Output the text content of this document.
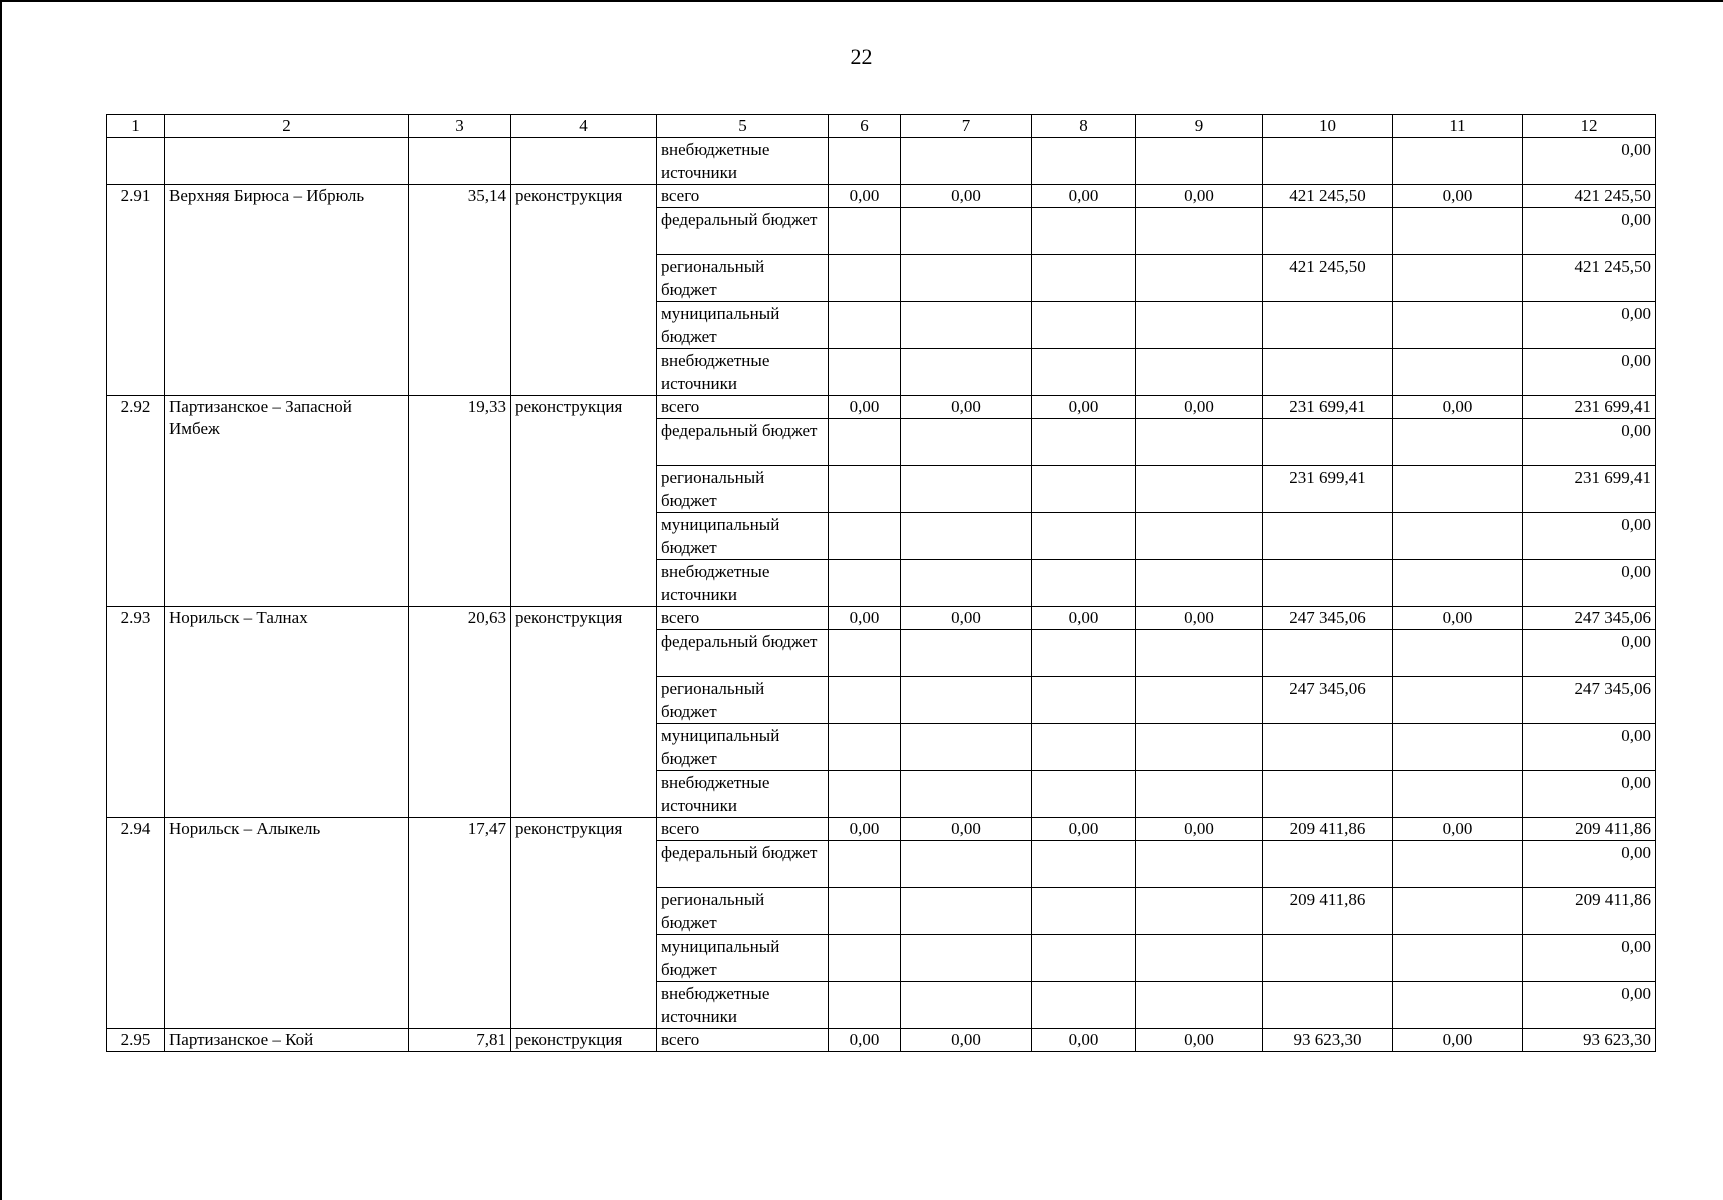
22
1	2	3	4	5	6	7	8	9	10	11	12
				внебюджетные источники							0,00
2.91	Верхняя Бирюса – Ибрюль	35,14	реконструкция	всего	0,00	0,00	0,00	0,00	421 245,50	0,00	421 245,50
				федеральный бюджет							0,00
				региональный бюджет					421 245,50		421 245,50
				муниципальный бюджет							0,00
				внебюджетные источники							0,00
2.92	Партизанское – Запасной Имбеж	19,33	реконструкция	всего	0,00	0,00	0,00	0,00	231 699,41	0,00	231 699,41
				федеральный бюджет							0,00
				региональный бюджет					231 699,41		231 699,41
				муниципальный бюджет							0,00
				внебюджетные источники							0,00
2.93	Норильск – Талнах	20,63	реконструкция	всего	0,00	0,00	0,00	0,00	247 345,06	0,00	247 345,06
				федеральный бюджет							0,00
				региональный бюджет					247 345,06		247 345,06
				муниципальный бюджет							0,00
				внебюджетные источники							0,00
2.94	Норильск – Алыкель	17,47	реконструкция	всего	0,00	0,00	0,00	0,00	209 411,86	0,00	209 411,86
				федеральный бюджет							0,00
				региональный бюджет					209 411,86		209 411,86
				муниципальный бюджет							0,00
				внебюджетные источники							0,00
2.95	Партизанское – Кой	7,81	реконструкция	всего	0,00	0,00	0,00	0,00	93 623,30	0,00	93 623,30
